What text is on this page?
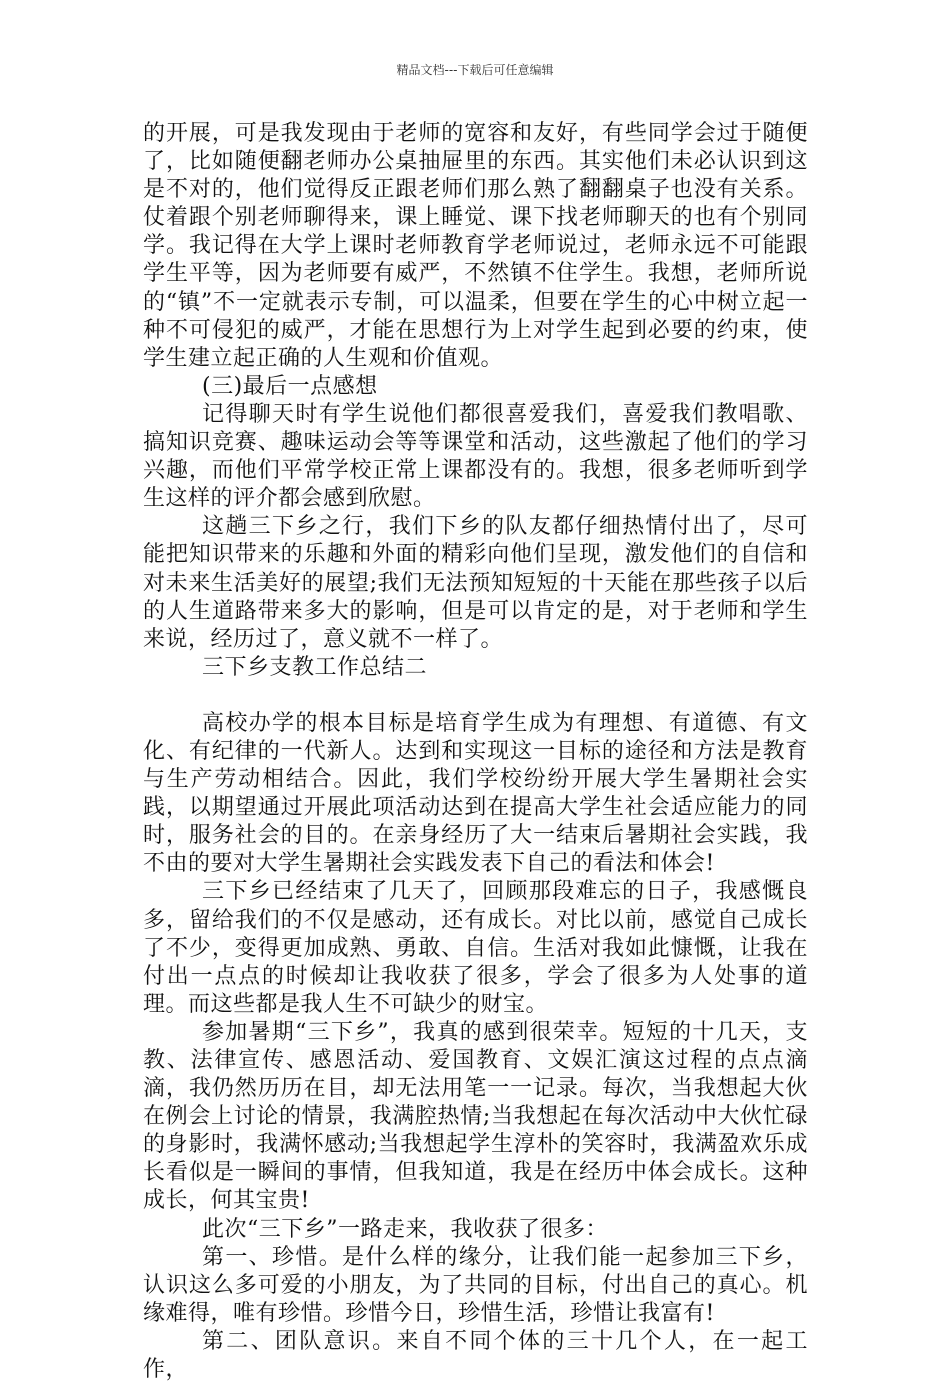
精品文档---下载后可任意编辑

的开展，可是我发现由于老师的宽容和友好，有些同学会过于随便了，比如随便翻老师办公桌抽屉里的东西。其实他们未必认识到这是不对的，他们觉得反正跟老师们那么熟了翻翻桌子也没有关系。仗着跟个别老师聊得来，课上睡觉、课下找老师聊天的也有个别同学。我记得在大学上课时老师教育学老师说过，老师永远不可能跟学生平等，因为老师要有威严，不然镇不住学生。我想，老师所说的“镇”不一定就表示专制，可以温柔，但要在学生的心中树立起一种不可侵犯的威严，才能在思想行为上对学生起到必要的约束，使学生建立起正确的人生观和价值观。

(三)最后一点感想

记得聊天时有学生说他们都很喜爱我们，喜爱我们教唱歌、搞知识竞赛、趣味运动会等等课堂和活动，这些激起了他们的学习兴趣，而他们平常学校正常上课都没有的。我想，很多老师听到学生这样的评介都会感到欣慰。

这趟三下乡之行，我们下乡的队友都仔细热情付出了，尽可能把知识带来的乐趣和外面的精彩向他们呈现，激发他们的自信和对未来生活美好的展望;我们无法预知短短的十天能在那些孩子以后的人生道路带来多大的影响，但是可以肯定的是，对于老师和学生来说，经历过了，意义就不一样了。

三下乡支教工作总结二

高校办学的根本目标是培育学生成为有理想、有道德、有文化、有纪律的一代新人。达到和实现这一目标的途径和方法是教育与生产劳动相结合。因此，我们学校纷纷开展大学生暑期社会实践，以期望通过开展此项活动达到在提高大学生社会适应能力的同时，服务社会的目的。在亲身经历了大一结束后暑期社会实践，我不由的要对大学生暑期社会实践发表下自己的看法和体会!

三下乡已经结束了几天了，回顾那段难忘的日子，我感慨良多，留给我们的不仅是感动，还有成长。对比以前，感觉自己成长了不少，变得更加成熟、勇敢、自信。生活对我如此慷慨，让我在付出一点点的时候却让我收获了很多，学会了很多为人处事的道理。而这些都是我人生不可缺少的财宝。

参加暑期“三下乡”，我真的感到很荣幸。短短的十几天，支教、法律宣传、感恩活动、爱国教育、文娱汇演这过程的点点滴滴，我仍然历历在目，却无法用笔一一记录。每次，当我想起大伙在例会上讨论的情景，我满腔热情;当我想起在每次活动中大伙忙碌的身影时，我满怀感动;当我想起学生淳朴的笑容时，我满盈欢乐成长看似是一瞬间的事情，但我知道，我是在经历中体会成长。这种成长，何其宝贵!

此次“三下乡”一路走来，我收获了很多：

第一、珍惜。是什么样的缘分，让我们能一起参加三下乡，认识这么多可爱的小朋友，为了共同的目标，付出自己的真心。机缘难得，唯有珍惜。珍惜今日，珍惜生活，珍惜让我富有!

第二、团队意识。来自不同个体的三十几个人，在一起工作，
